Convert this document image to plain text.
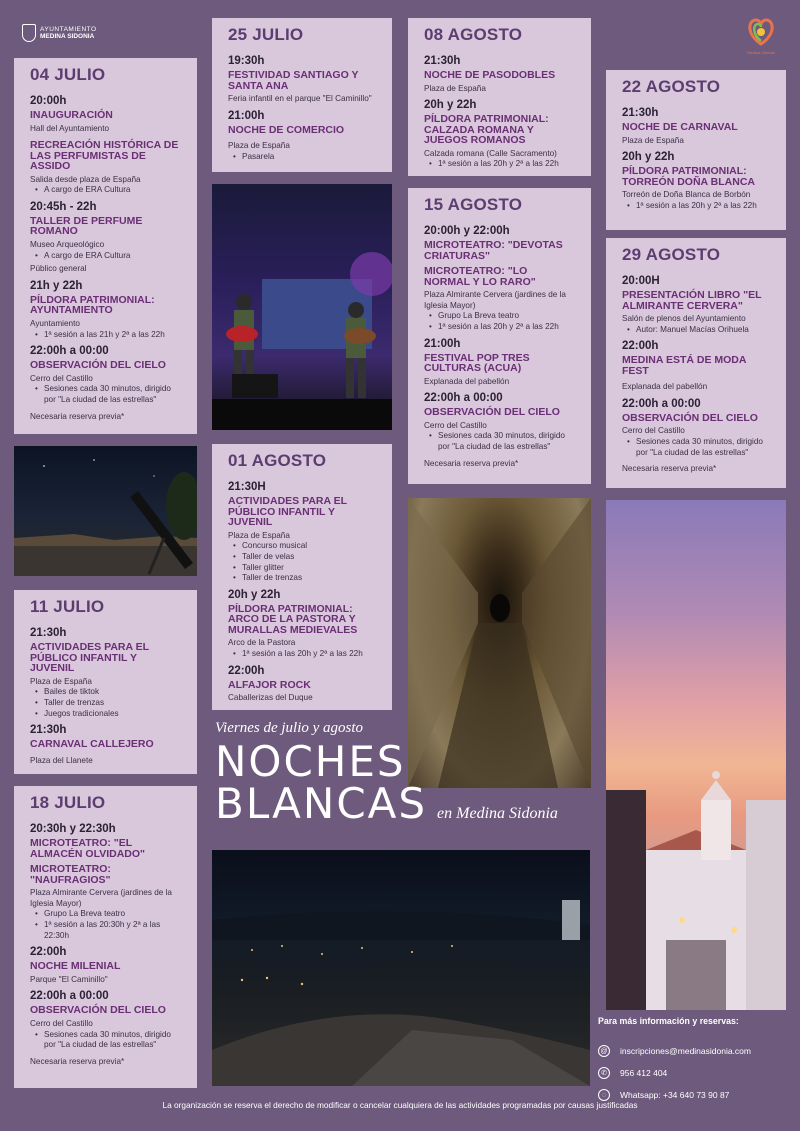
AYUNTAMIENTO
MEDINA SIDONIA
Medina Sidonia
04 JULIO
20:00h
INAUGURACIÓN
Hall del Ayuntamiento
RECREACIÓN HISTÓRICA DE LAS PERFUMISTAS DE ASSIDO
Salida desde plaza de España
• A cargo de ERA Cultura
20:45h - 22h
TALLER DE PERFUME ROMANO
Museo Arqueológico
• A cargo de ERA Cultura
Público general
21h y 22h
PÍLDORA PATRIMONIAL: AYUNTAMIENTO
Ayuntamiento
• 1ª sesión a las 21h y 2ª a las 22h
22:00h a 00:00
OBSERVACIÓN DEL CIELO
Cerro del Castillo
• Sesiones cada 30 minutos, dirigido por "La ciudad de las estrellas"
Necesaria reserva previa*
11 JULIO
21:30h
ACTIVIDADES PARA EL PÚBLICO INFANTIL Y JUVENIL
Plaza de España
• Bailes de tiktok
• Taller de trenzas
• Juegos tradicionales
21:30h
CARNAVAL CALLEJERO
Plaza del Llanete
18 JULIO
20:30h y 22:30h
MICROTEATRO: "EL ALMACÉN OLVIDADO"
MICROTEATRO: "NAUFRAGIOS"
Plaza Almirante Cervera (jardines de la Iglesia Mayor)
• Grupo La Breva teatro
• 1ª sesión a las 20:30h y 2ª a las 22:30h
22:00h
NOCHE MILENIAL
Parque "El Caminillo"
22:00h a 00:00
OBSERVACIÓN DEL CIELO
Cerro del Castillo
• Sesiones cada 30 minutos, dirigido por "La ciudad de las estrellas"
Necesaria reserva previa*
25 JULIO
19:30h
FESTIVIDAD SANTIAGO Y SANTA ANA
Feria infantil en el parque "El Caminillo"
21:00h
NOCHE DE COMERCIO
Plaza de España
• Pasarela
01 AGOSTO
21:30H
ACTIVIDADES PARA EL PÚBLICO INFANTIL Y JUVENIL
Plaza de España
• Concurso musical
• Taller de velas
• Taller glitter
• Taller de trenzas
20h y 22h
PÍLDORA PATRIMONIAL: ARCO DE LA PASTORA Y MURALLAS MEDIEVALES
Arco de la Pastora
• 1ª sesión a las 20h y 2ª a las 22h
22:00h
ALFAJOR ROCK
Caballerizas del Duque
08 AGOSTO
21:30h
NOCHE DE PASODOBLES
Plaza de España
20h y 22h
PÍLDORA PATRIMONIAL: CALZADA ROMANA Y JUEGOS ROMANOS
Calzada romana (Calle Sacramento)
• 1ª sesión a las 20h y 2ª a las 22h
15 AGOSTO
20:00h y 22:00h
MICROTEATRO: "DEVOTAS CRIATURAS"
MICROTEATRO: "LO NORMAL Y LO RARO"
Plaza Almirante Cervera (jardines de la Iglesia Mayor)
• Grupo La Breva teatro
• 1ª sesión a las 20h y 2ª a las 22h
21:00h
FESTIVAL POP TRES CULTURAS (ACUA)
Explanada del pabellón
22:00h a 00:00
OBSERVACIÓN DEL CIELO
Cerro del Castillo
• Sesiones cada 30 minutos, dirigido por "La ciudad de las estrellas"
Necesaria reserva previa*
22 AGOSTO
21:30h
NOCHE DE CARNAVAL
Plaza de España
20h y 22h
PÍLDORA PATRIMONIAL: TORREÓN DOÑA BLANCA
Torreón de Doña Blanca de Borbón
• 1ª sesión a las 20h y 2ª a las 22h
29 AGOSTO
20:00H
PRESENTACIÓN LIBRO "EL ALMIRANTE CERVERA"
Salón de plenos del Ayuntamiento
• Autor: Manuel Macías Orihuela
22:00h
MEDINA ESTÁ DE MODA FEST
Explanada del pabellón
22:00h a 00:00
OBSERVACIÓN DEL CIELO
Cerro del Castillo
• Sesiones cada 30 minutos, dirigido por "La ciudad de las estrellas"
Necesaria reserva previa*
Viernes de julio y agosto
NOCHES
BLANCAS en Medina Sidonia
Para más información y reservas:
@ inscripciones@medinasidonia.com
✆	956 412 404
◌	Whatsapp: +34 640 73 90 87
La organización se reserva el derecho de modificar o cancelar cualquiera de las actividades programadas por causas justificadas
